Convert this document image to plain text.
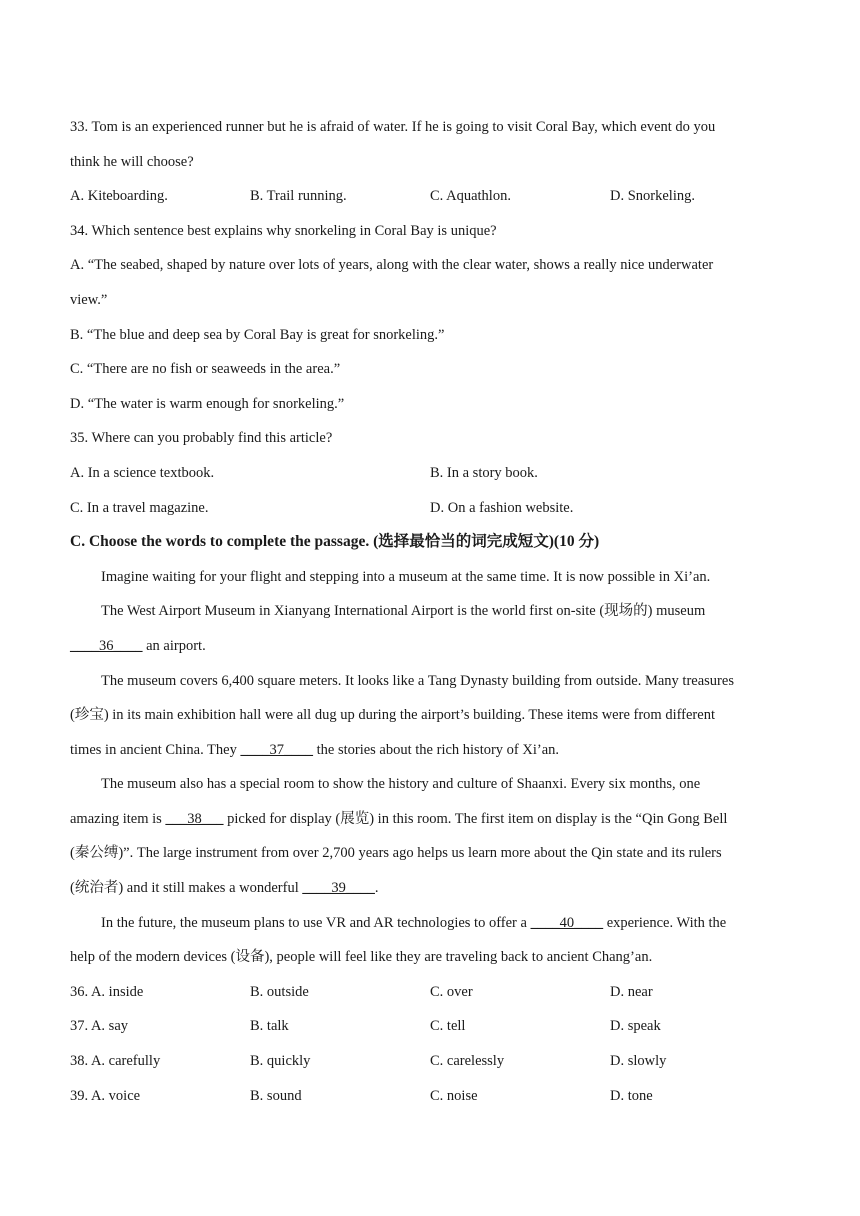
33. Tom is an experienced runner but he is afraid of water. If he is going to visit Coral Bay, which event do you
think he will choose?
A. Kiteboarding.	B. Trail running.	C. Aquathlon.	D. Snorkeling.
34. Which sentence best explains why snorkeling in Coral Bay is unique?
A. “The seabed, shaped by nature over lots of years, along with the clear water, shows a really nice underwater
view.”
B. “The blue and deep sea by Coral Bay is great for snorkeling.”
C. “There are no fish or seaweeds in the area.”
D. “The water is warm enough for snorkeling.”
35. Where can you probably find this article?
A. In a science textbook.	B. In a story book.
C. In a travel magazine.	D. On a fashion website.
C. Choose the words to complete the passage. (选择最恰当的词完成短文)(10 分)
Imagine waiting for your flight and stepping into a museum at the same time. It is now possible in Xi’an.
The West Airport Museum in Xianyang International Airport is the world first on-site (现场的) museum
____36____ an airport.
The museum covers 6,400 square meters. It looks like a Tang Dynasty building from outside. Many treasures
(珍宝) in its main exhibition hall were all dug up during the airport’s building. These items were from different
times in ancient China. They ____37____ the stories about the rich history of Xi’an.
The museum also has a special room to show the history and culture of Shaanxi. Every six months, one
amazing item is ___38___ picked for display (展览) in this room. The first item on display is the “Qin Gong Bell
(秦公缚)”. The large instrument from over 2,700 years ago helps us learn more about the Qin state and its rulers
(统治者) and it still makes a wonderful ____39____.
In the future, the museum plans to use VR and AR technologies to offer a ____40____ experience. With the
help of the modern devices (设备), people will feel like they are traveling back to ancient Chang’an.
36. A. inside	B. outside	C. over	D. near
37. A. say	B. talk	C. tell	D. speak
38. A. carefully	B. quickly	C. carelessly	D. slowly
39. A. voice	B. sound	C. noise	D. tone
